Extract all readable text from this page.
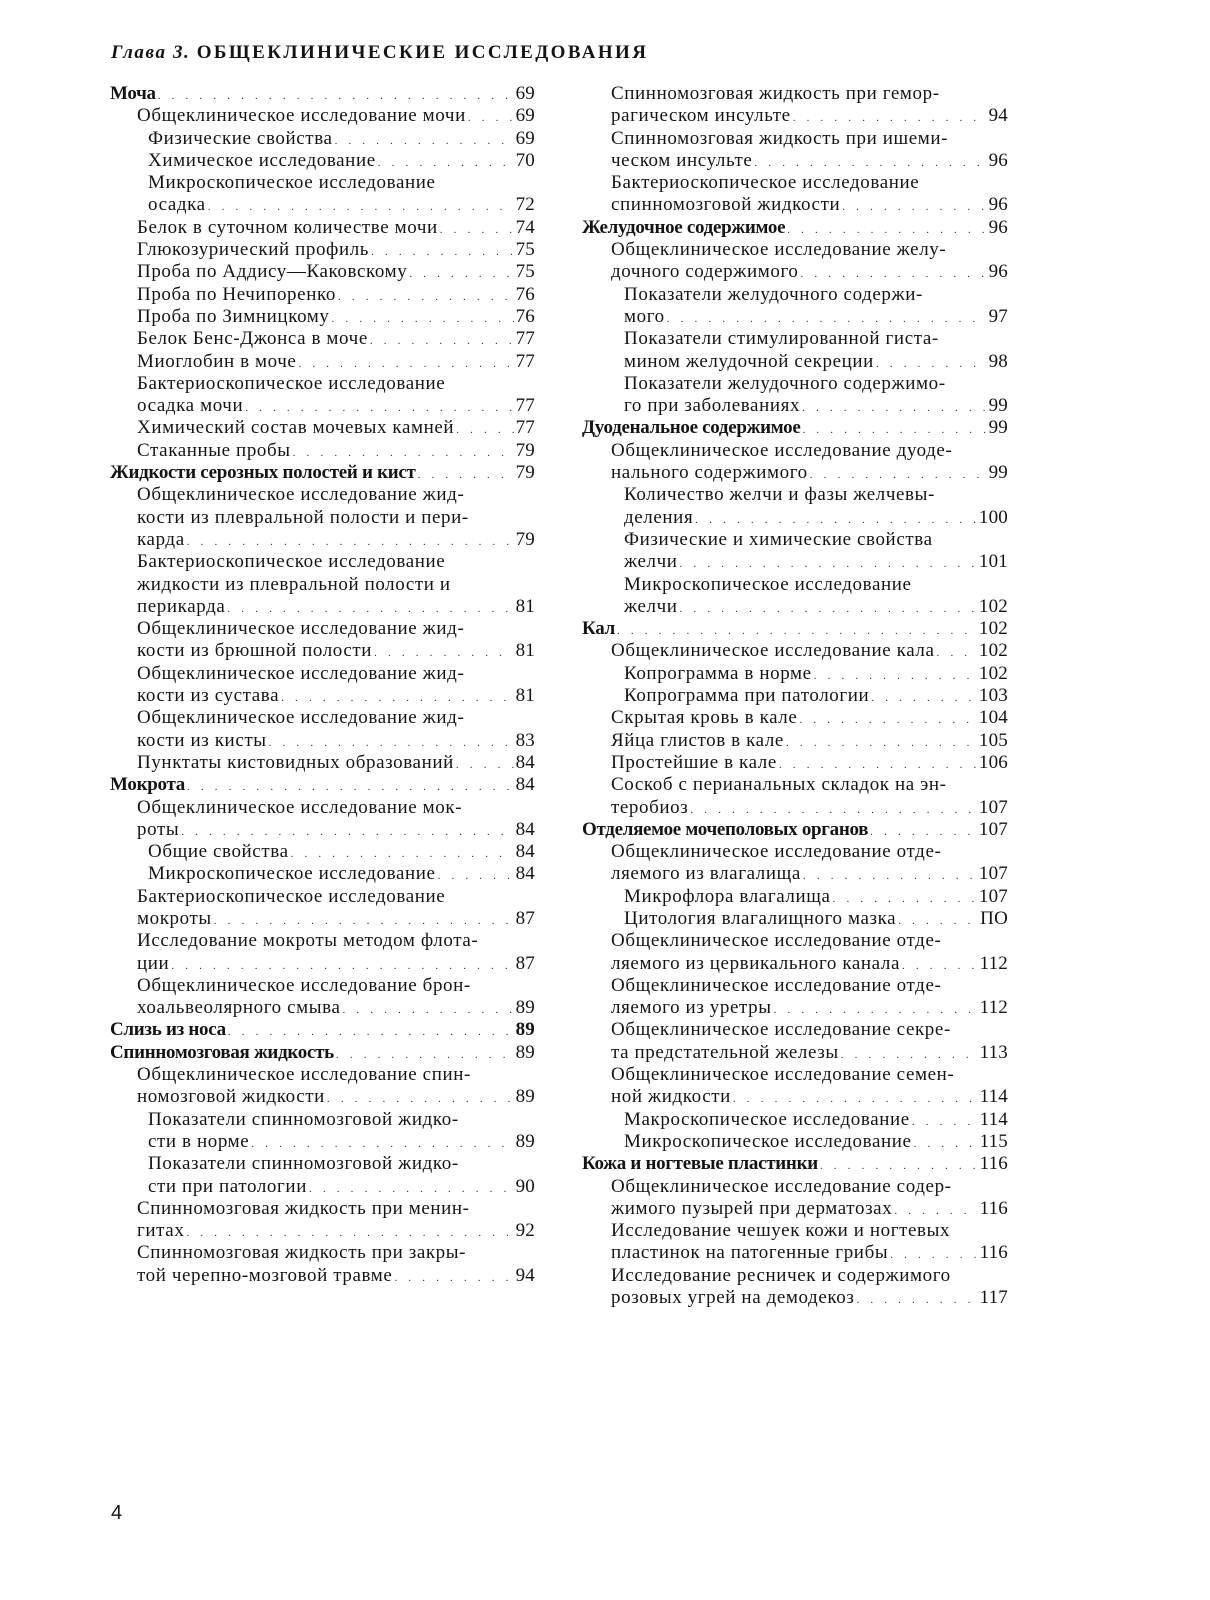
Глава 3. ОБЩЕКЛИНИЧЕСКИЕ ИССЛЕДОВАНИЯ
Моча . . .	69
Общеклиническое исследование мочи . . .	69
Физические свойства . . .	69
Химическое исследование . . .	70
Микроскопическое исследование
осадка . . .	72
Белок в суточном количестве мочи . . .	74
Глюкозурический профиль . . .	75
Проба по Аддису—Каковскому . . .	75
Проба по Нечипоренко . . .	76
Проба по Зимницкому . . .	76
Белок Бенс-Джонса в моче . . .	77
Миоглобин в моче . . .	77
Бактериоскопическое исследование
осадка мочи . . .	77
Химический состав мочевых камней . . .	77
Стаканные пробы . . .	79
Жидкости серозных полостей и кист . . .	79
Общеклиническое исследование жид-
кости из плевральной полости и пери-
карда . . .	79
Бактериоскопическое исследование
жидкости из плевральной полости и
перикарда . . .	81
Общеклиническое исследование жид-
кости из брюшной полости . . .	81
Общеклиническое исследование жид-
кости из сустава . . .	81
Общеклиническое исследование жид-
кости из кисты . . .	83
Пунктаты кистовидных образований . . .	84
Мокрота . . .	84
Общеклиническое исследование мок-
роты . . .	84
Общие свойства . . .	84
Микроскопическое исследование . . .	84
Бактериоскопическое исследование
мокроты . . .	87
Исследование мокроты методом флота-
ции . . .	87
Общеклиническое исследование брон-
хоальвеолярного смыва . . .	89
Слизь из носа . . .	89
Спинномозговая жидкость . . .	89
Общеклиническое исследование спин-
номозговой жидкости . . .	89
Показатели спинномозговой жидко-
сти в норме . . .	89
Показатели спинномозговой жидко-
сти при патологии . . .	90
Спинномозговая жидкость при менин-
гитах . . .	92
Спинномозговая жидкость при закры-
той черепно-мозговой травме . . .	94
Спинномозговая жидкость при гемор-
рагическом инсульте . . .	94
Спинномозговая жидкость при ишеми-
ческом инсульте . . .	96
Бактериоскопическое исследование
спинномозговой жидкости . . .	96
Желудочное содержимое . . .	96
Общеклиническое исследование желу-
дочного содержимого . . .	96
Показатели желудочного содержи-
мого . . .	97
Показатели стимулированной гиста-
мином желудочной секреции . . .	98
Показатели желудочного содержимо-
го при заболеваниях . . .	99
Дуоденальное содержимое . . .	99
Общеклиническое исследование дуоде-
нального содержимого . . .	99
Количество желчи и фазы желчевы-
деления . . .	100
Физические и химические свойства
желчи . . .	101
Микроскопическое исследование
желчи . . .	102
Кал . . .	102
Общеклиническое исследование кала . . . 102
Копрограмма в норме . . .	102
Копрограмма при патологии . . .	103
Скрытая кровь в кале . . .	104
Яйца глистов в кале . . .	105
Простейшие в кале . . .	106
Соскоб с перианальных складок на эн-
теробиоз . . .	107
Отделяемое мочеполовых органов . . .	107
Общеклиническое исследование отде-
ляемого из влагалища . . .	107
Микрофлора влагалища . . .	107
Цитология влагалищного мазка . . .	ПО
Общеклиническое исследование отде-
ляемого из цервикального канала . . .	112
Общеклиническое исследование отде-
ляемого из уретры . . .	112
Общеклиническое исследование секре-
та предстательной железы . . .	113
Общеклиническое исследование семен-
ной жидкости . . .	114
Макроскопическое исследование . . .	114
Микроскопическое исследование . . .	115
Кожа и ногтевые пластинки . . .	116
Общеклиническое исследование содер-
жимого пузырей при дерматозах . . .	116
Исследование чешуек кожи и ногтевых
пластинок на патогенные грибы . . .	116
Исследование ресничек и содержимого
розовых угрей на демодекоз . . .	117
4
